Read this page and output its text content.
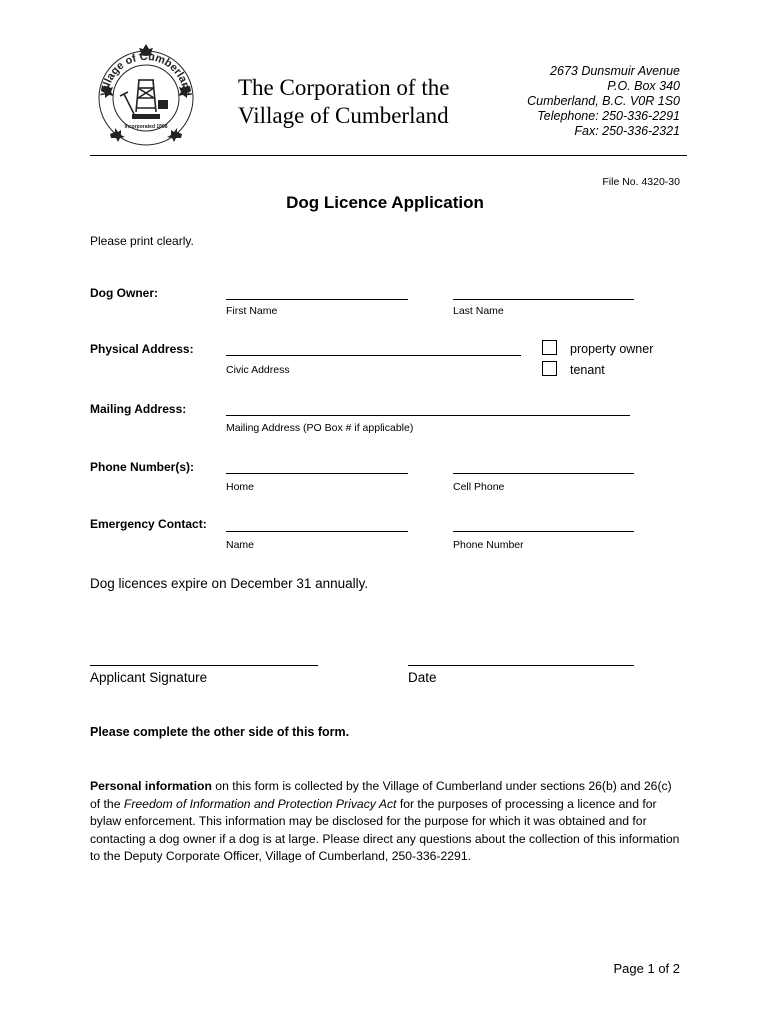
Village of Cumberland
Incorporated 1898
The Corporation of the
Village of Cumberland
2673 Dunsmuir Avenue
P.O. Box 340
Cumberland, B.C. V0R 1S0
Telephone: 250-336-2291
Fax: 250-336-2321
File No. 4320-30
Dog Licence Application
Please print clearly.
Dog Owner:
First Name	Last Name
Physical Address:
Civic Address
property owner
tenant
Mailing Address:
Mailing Address (PO Box # if applicable)
Phone Number(s):
Home	Cell Phone
Emergency Contact:
Name	Phone Number
Dog licences expire on December 31 annually.
Applicant Signature	Date
Please complete the other side of this form.
Personal information on this form is collected by the Village of Cumberland under sections 26(b) and 26(c) of the Freedom of Information and Protection Privacy Act for the purposes of processing a licence and for bylaw enforcement. This information may be disclosed for the purpose for which it was obtained and for contacting a dog owner if a dog is at large. Please direct any questions about the collection of this information to the Deputy Corporate Officer, Village of Cumberland, 250-336-2291.
Page 1 of 2
